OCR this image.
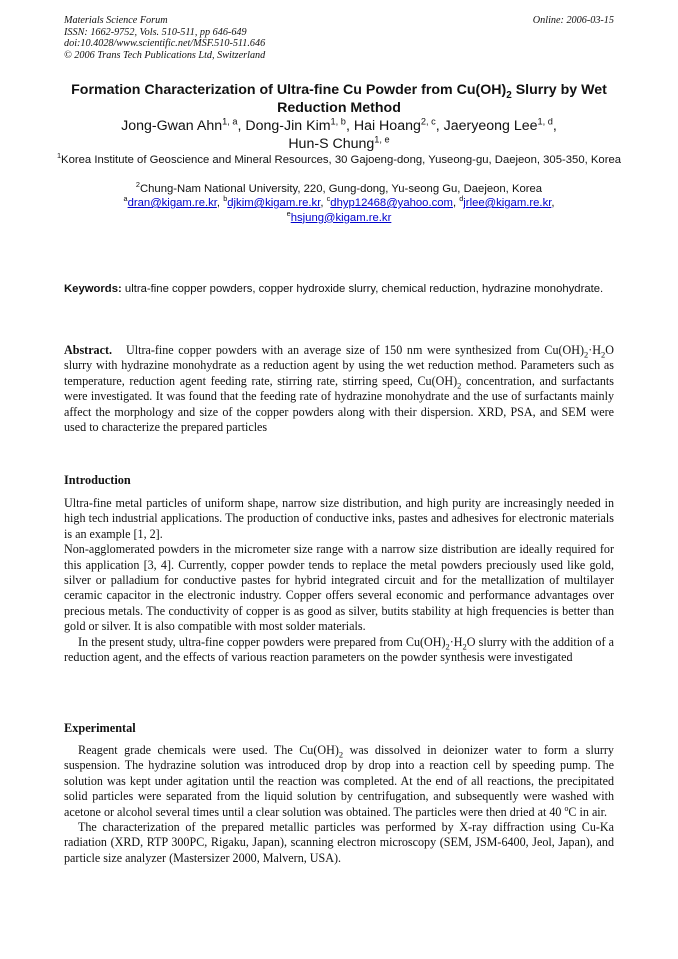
Materials Science Forum
ISSN: 1662-9752, Vols. 510-511, pp 646-649
doi:10.4028/www.scientific.net/MSF.510-511.646
© 2006 Trans Tech Publications Ltd, Switzerland
Online: 2006-03-15
Formation Characterization of Ultra-fine Cu Powder from $Cu(OH)_2$ Slurry by Wet Reduction Method
Jong-Gwan Ahn$^{1, a}$, Dong-Jin Kim$^{1, b}$, Hai Hoang$^{2, c}$, Jaeryeong Lee$^{1, d}$,
Hun-S Chung$^{1, e}$
$^1$Korea Institute of Geoscience and Mineral Resources, 30 Gajoeng-dong, Yuseong-gu, Daejeon, 305-350, Korea
$^2$Chung-Nam National University, 220, Gung-dong, Yu-seong Gu, Daejeon, Korea
$^a$dran@kigam.re.kr, $^b$djkim@kigam.re.kr, $^c$dhyp12468@yahoo.com, $^d$jrlee@kigam.re.kr,
$^e$hsjung@kigam.re.kr
Keywords: ultra-fine copper powders, copper hydroxide slurry, chemical reduction, hydrazine monohydrate.

Abstract. Ultra-fine copper powders with an average size of 150 nm were synthesized from $Cu(OH)_2\cdot H_2O$ slurry with hydrazine monohydrate as a reduction agent by using the wet reduction method. Parameters such as temperature, reduction agent feeding rate, stirring rate, stirring speed, $Cu(OH)_2$ concentration, and surfactants were investigated. It was found that the feeding rate of hydrazine monohydrate and the use of surfactants mainly affect the morphology and size of the copper powders along with their dispersion. XRD, PSA, and SEM were used to characterize the prepared particles

Introduction

Ultra-fine metal particles of uniform shape, narrow size distribution, and high purity are increasingly needed in high tech industrial applications. The production of conductive inks, pastes and adhesives for electronic materials is an example [1, 2].

Non-agglomerated powders in the micrometer size range with a narrow size distribution are ideally required for this application [3, 4]. Currently, copper powder tends to replace the metal powders preciously used like gold, silver or palladium for conductive pastes for hybrid integrated circuit and for the metallization of multilayer ceramic capacitor in the electronic industry. Copper offers several economic and performance advantages over precious metals. The conductivity of copper is as good as silver, butits stability at high frequencies is better than gold or silver. It is also compatible with most solder materials.

In the present study, ultra-fine copper powders were prepared from $Cu(OH)_2\cdot H_2O$ slurry with the addition of a reduction agent, and the effects of various reaction parameters on the powder synthesis were investigated

Experimental

Reagent grade chemicals were used. The $Cu(OH)_2$ was dissolved in deionizer water to form a slurry suspension. The hydrazine solution was introduced drop by drop into a reaction cell by speeding pump. The solution was kept under agitation until the reaction was completed. At the end of all reactions, the precipitated solid particles were separated from the liquid solution by centrifugation, and subsequently were washed with acetone or alcohol several times until a clear solution was obtained. The particles were then dried at 40 $^o$C in air.

The characterization of the prepared metallic particles was performed by X-ray diffraction using Cu-Ka radiation (XRD, RTP 300PC, Rigaku, Japan), scanning electron microscopy (SEM, JSM-6400, Jeol, Japan), and particle size analyzer (Mastersizer 2000, Malvern, USA).
